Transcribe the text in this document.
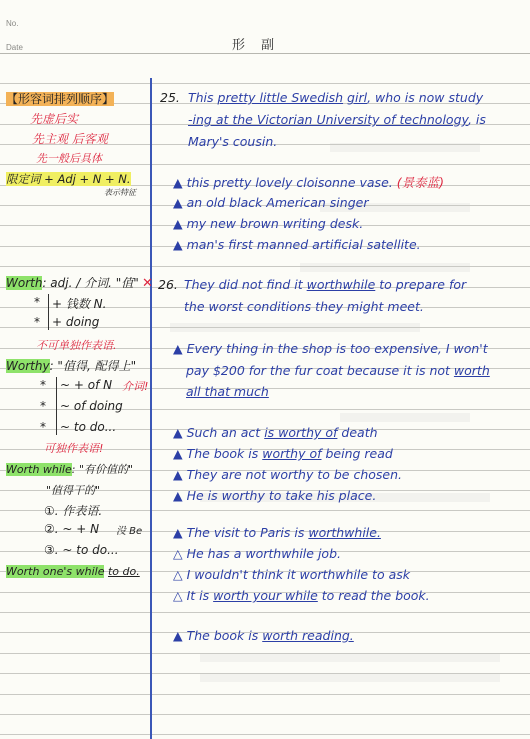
No.
Date	形 副
【形容词排列顺序】
先虚后实
先主观 后客观
先一般后具体
限定词 + Adj + N + N.
表示特征
Worth: adj. / 介词. "值"
* + 钱数 N.
* + doing
不可单独作表语.
✕
Worthy: "值得, 配得上"
* ~ + of N 介词!
* ~ of doing
* ~ to do...
可独作表语!
Worth while: "有价值的"
"值得干的"
①. 作表语.
②. ~ + N 没 Be
③. ~ to do...
Worth one's while to do.
25. This pretty little Swedish girl, who is now study
-ing at the Victorian University of technology, is
Mary's cousin.
▲ this pretty lovely cloisonne vase. (景泰蓝)
▲ an old black American singer
▲ my new brown writing desk.
▲ man's first manned artificial satellite.
26. They did not find it worthwhile to prepare for
the worst conditions they might meet.
▲ Every thing in the shop is too expensive, I won't
pay $200 for the fur coat because it is not worth
all that much
▲ Such an act is worthy of death
▲ The book is worthy of being read
▲ They are not worthy to be chosen.
▲ He is worthy to take his place.
▲ The visit to Paris is worthwhile.
△ He has a worthwhile job.
△ I wouldn't think it worthwhile to ask
△ It is worth your while to read the book.
▲ The book is worth reading.
